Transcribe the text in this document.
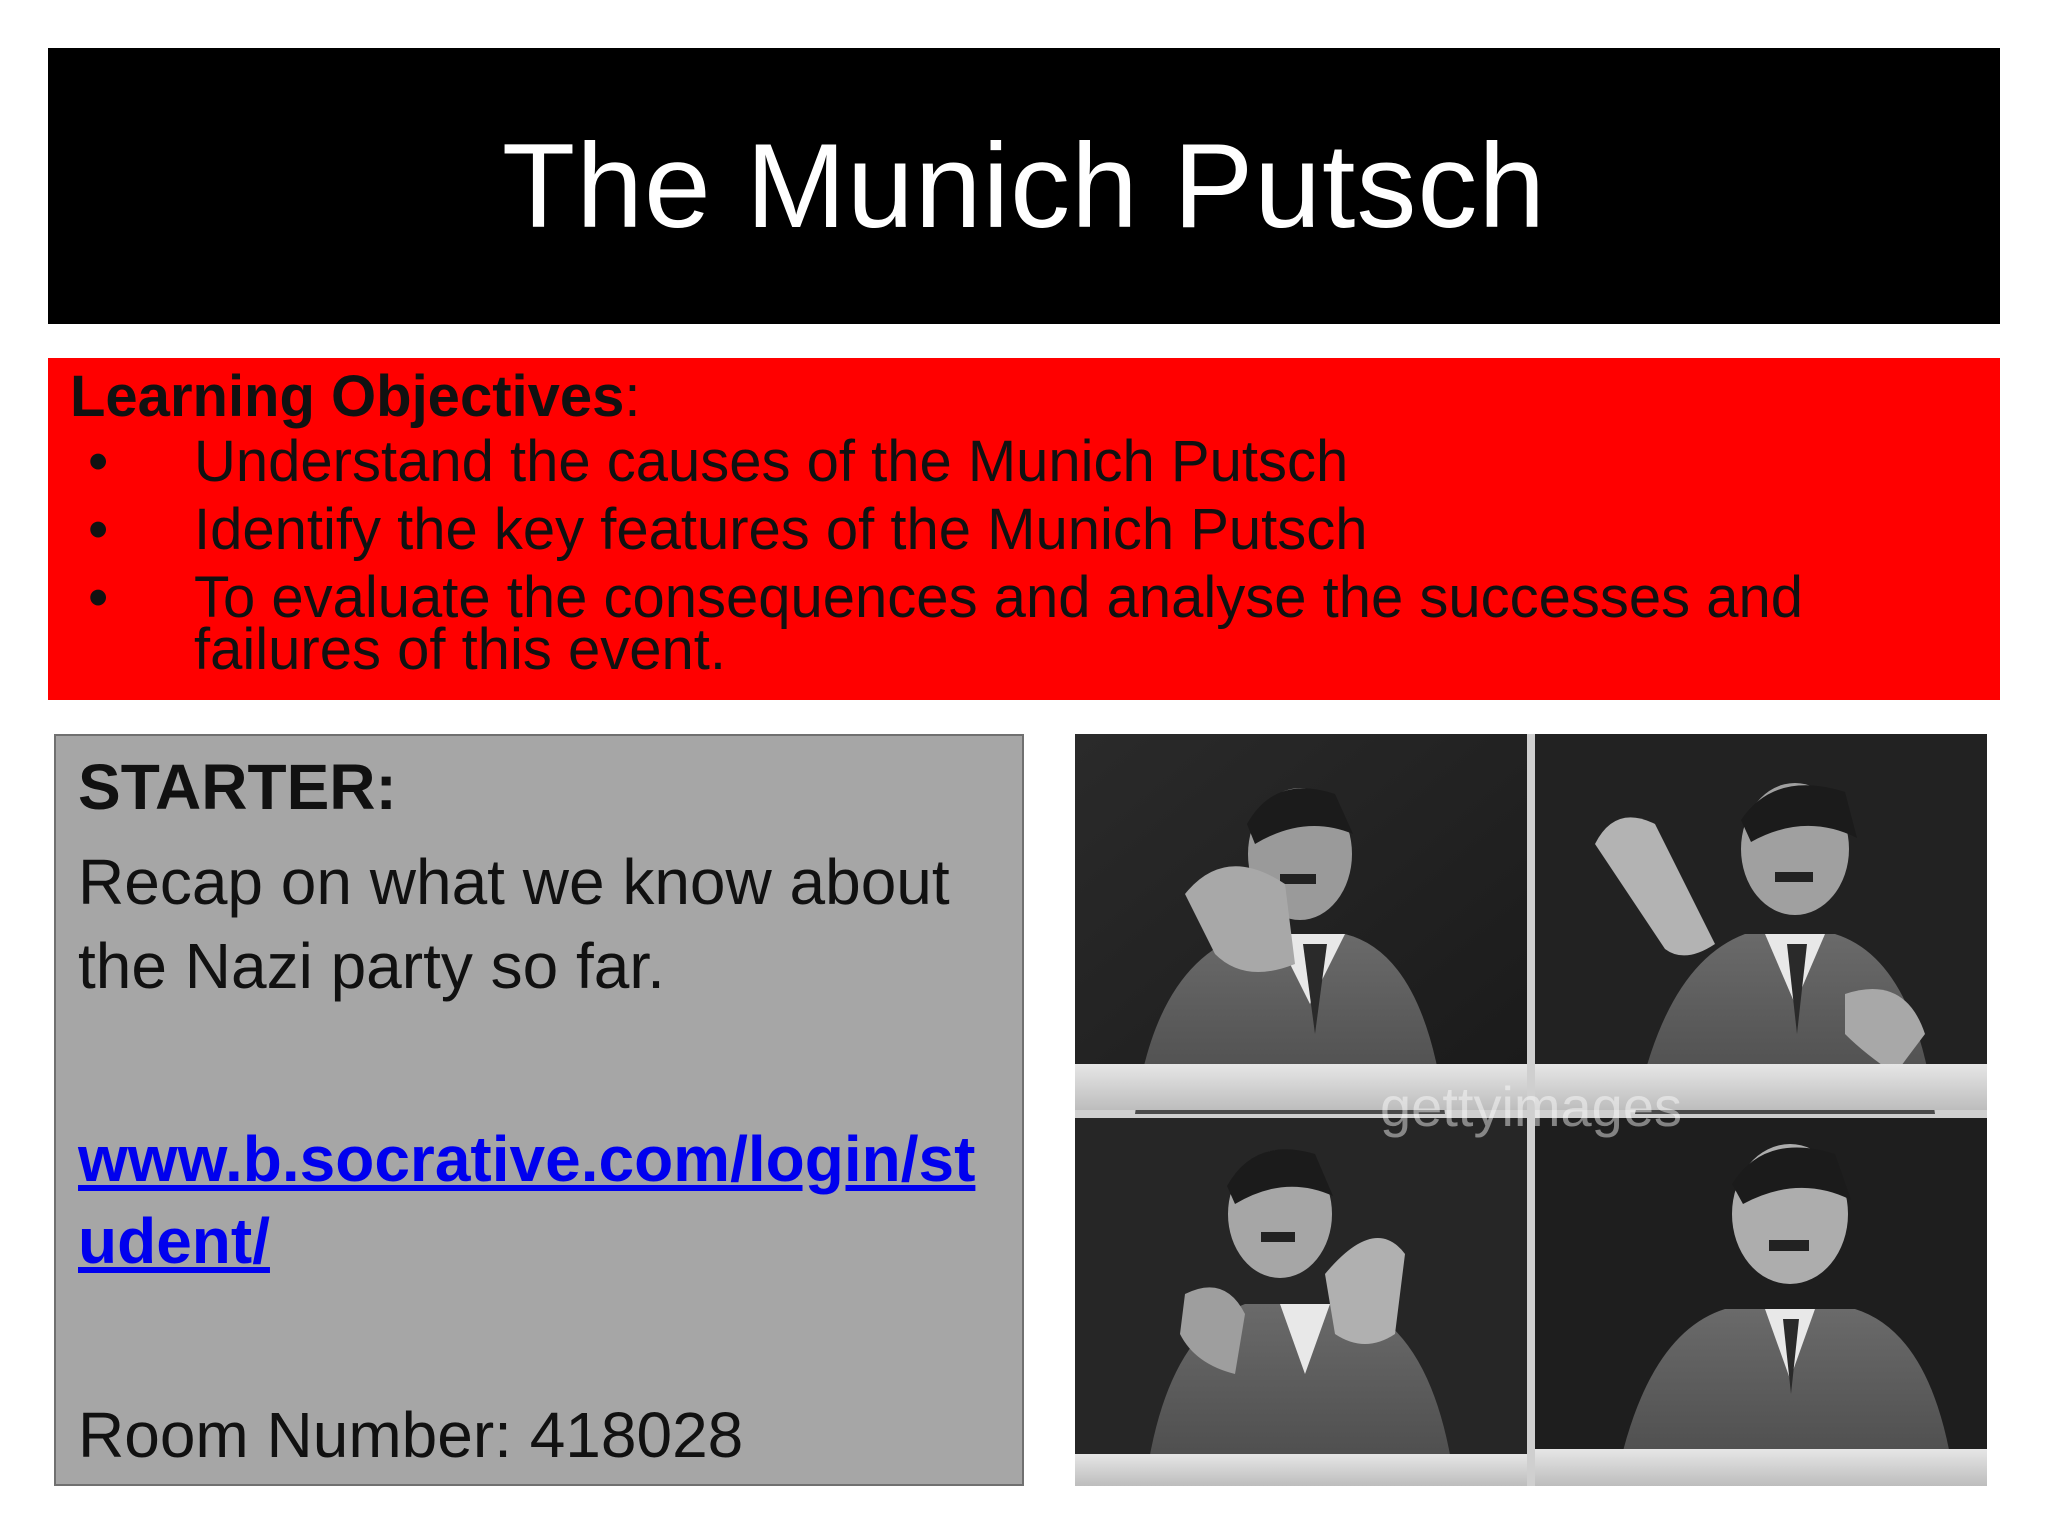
The Munich Putsch
Learning Objectives:
• Understand the causes of the Munich Putsch
• Identify the key features of the Munich Putsch
• To evaluate the consequences and analyse the successes and failures of this event.

STARTER:

Recap on what we know about the Nazi party so far.

www.b.socrative.com/login/student/
Room Number: 418028
gettyimages
